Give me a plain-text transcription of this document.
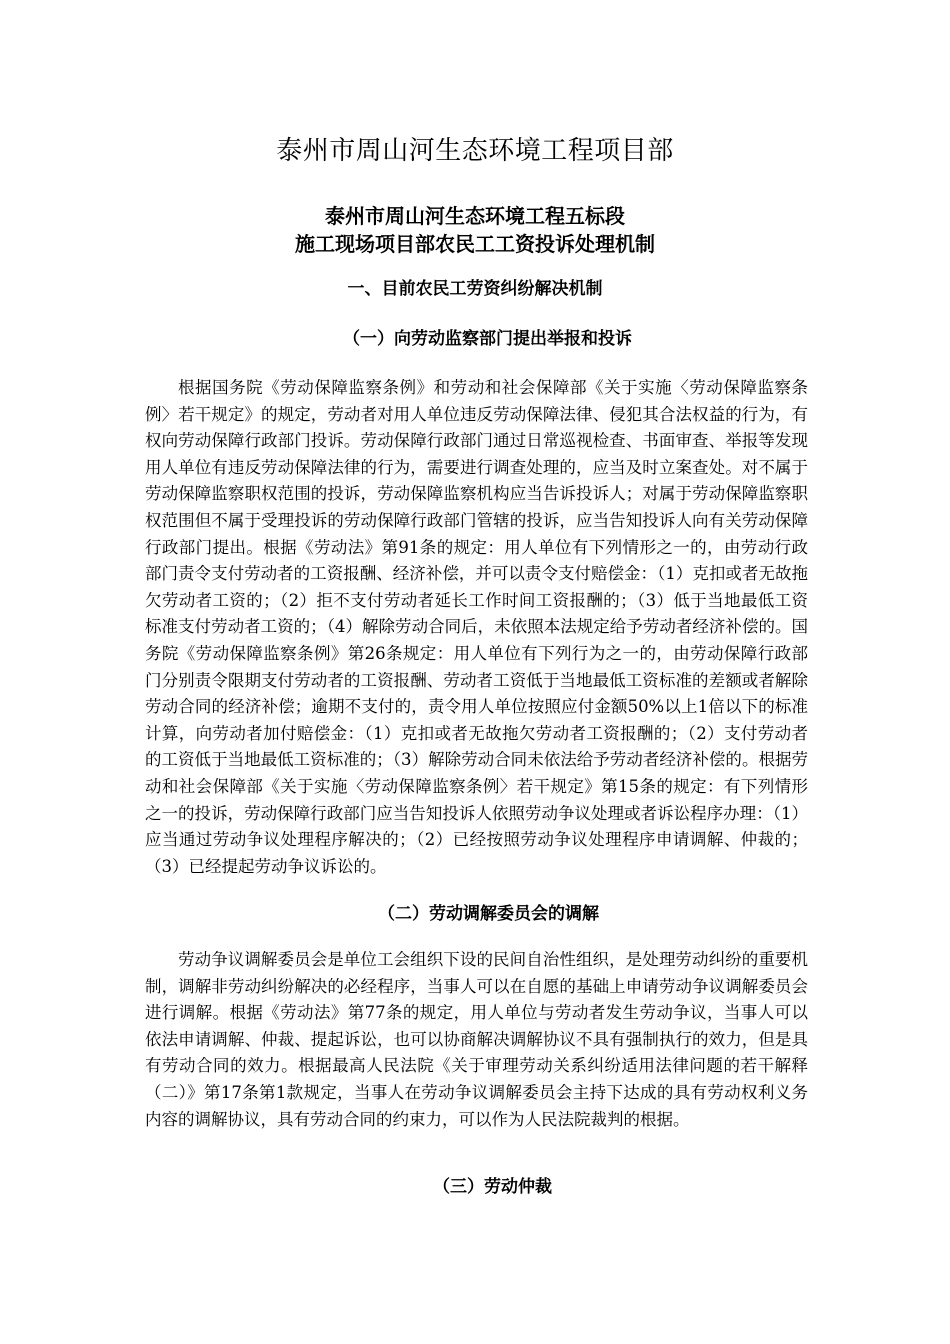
泰州市周山河生态环境工程项目部
泰州市周山河生态环境工程五标段
施工现场项目部农民工工资投诉处理机制
一、目前农民工劳资纠纷解决机制
（一）向劳动监察部门提出举报和投诉

根据国务院《劳动保障监察条例》和劳动和社会保障部《关于实施〈劳动保障监察条例〉若干规定》的规定，劳动者对用人单位违反劳动保障法律、侵犯其合法权益的行为，有权向劳动保障行政部门投诉。劳动保障行政部门通过日常巡视检查、书面审查、举报等发现用人单位有违反劳动保障法律的行为，需要进行调查处理的，应当及时立案查处。对不属于劳动保障监察职权范围的投诉，劳动保障监察机构应当告诉投诉人；对属于劳动保障监察职权范围但不属于受理投诉的劳动保障行政部门管辖的投诉，应当告知投诉人向有关劳动保障行政部门提出。根据《劳动法》第91条的规定：用人单位有下列情形之一的，由劳动行政部门责令支付劳动者的工资报酬、经济补偿，并可以责令支付赔偿金：（1）克扣或者无故拖欠劳动者工资的；（2）拒不支付劳动者延长工作时间工资报酬的；（3）低于当地最低工资标准支付劳动者工资的；（4）解除劳动合同后，未依照本法规定给予劳动者经济补偿的。国务院《劳动保障监察条例》第26条规定：用人单位有下列行为之一的，由劳动保障行政部门分别责令限期支付劳动者的工资报酬、劳动者工资低于当地最低工资标准的差额或者解除劳动合同的经济补偿；逾期不支付的，责令用人单位按照应付金额50%以上1倍以下的标准计算，向劳动者加付赔偿金：（1）克扣或者无故拖欠劳动者工资报酬的；（2）支付劳动者的工资低于当地最低工资标准的；（3）解除劳动合同未依法给予劳动者经济补偿的。根据劳动和社会保障部《关于实施〈劳动保障监察条例〉若干规定》第15条的规定：有下列情形之一的投诉，劳动保障行政部门应当告知投诉人依照劳动争议处理或者诉讼程序办理：（1）应当通过劳动争议处理程序解决的；（2）已经按照劳动争议处理程序申请调解、仲裁的；（3）已经提起劳动争议诉讼的。

（二）劳动调解委员会的调解

劳动争议调解委员会是单位工会组织下设的民间自治性组织，是处理劳动纠纷的重要机制，调解非劳动纠纷解决的必经程序，当事人可以在自愿的基础上申请劳动争议调解委员会进行调解。根据《劳动法》第77条的规定，用人单位与劳动者发生劳动争议，当事人可以依法申请调解、仲裁、提起诉讼，也可以协商解决调解协议不具有强制执行的效力，但是具有劳动合同的效力。根据最高人民法院《关于审理劳动关系纠纷适用法律问题的若干解释（二）》第17条第1款规定，当事人在劳动争议调解委员会主持下达成的具有劳动权利义务内容的调解协议，具有劳动合同的约束力，可以作为人民法院裁判的根据。

（三）劳动仲裁
